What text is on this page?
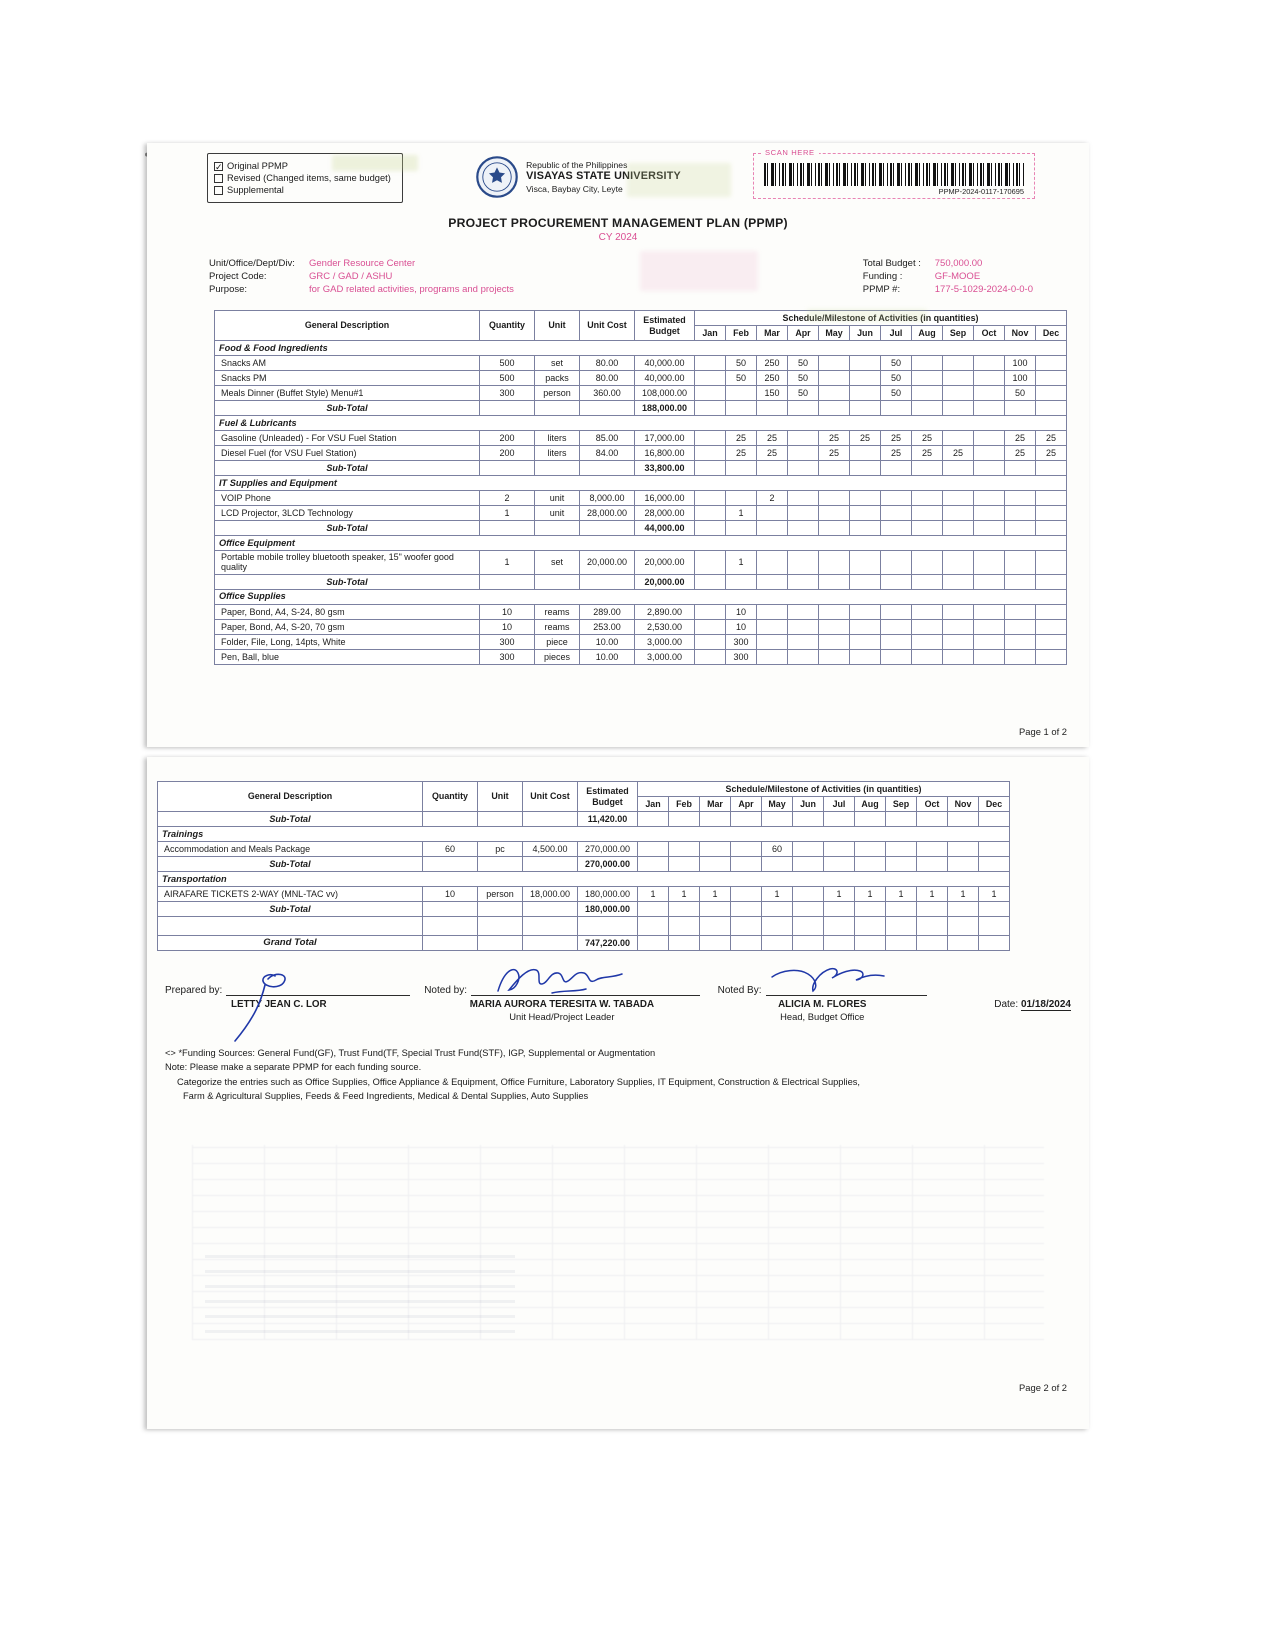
✓ Original PPMP
Revised (Changed items, same budget)
Supplemental
Republic of the Philippines
VISAYAS STATE UNIVERSITY
Visca, Baybay City, Leyte
SCAN HERE
PPMP-2024-0117-170695
PROJECT PROCUREMENT MANAGEMENT PLAN (PPMP)
CY 2024
Unit/Office/Dept/Div: Gender Resource Center
Project Code:	GRC / GAD / ASHU
Purpose:	for GAD related activities, programs and projects
Total Budget : 750,000.00
Funding :	GF-MOOE
PPMP #:	177-5-1029-2024-0-0-0
General Description	Quantity	Unit	Unit Cost	Estimated Budget	Schedule/Milestone of Activities (in quantities)											
					Jan	Feb	Mar	Apr	May	Jun	Jul	Aug	Sep	Oct	Nov	Dec
Food & Food Ingredients																
Snacks AM	500	set	80.00	40,000.00		50	250	50			50				100	
Snacks PM	500	packs	80.00	40,000.00		50	250	50			50				100	
Meals Dinner (Buffet Style) Menu#1	300	person	360.00	108,000.00			150	50			50				50	
Sub-Total				188,000.00												
Fuel & Lubricants																
Gasoline (Unleaded) - For VSU Fuel Station	200	liters	85.00	17,000.00		25	25		25	25	25	25			25	25
Diesel Fuel (for VSU Fuel Station)	200	liters	84.00	16,800.00		25	25		25		25	25	25		25	25
Sub-Total				33,800.00												
IT Supplies and Equipment																
VOIP Phone	2	unit	8,000.00	16,000.00			2									
LCD Projector, 3LCD Technology	1	unit	28,000.00	28,000.00		1										
Sub-Total				44,000.00												
Office Equipment																
Portable mobile trolley bluetooth speaker, 15" woofer good quality	1	set	20,000.00	20,000.00		1										
Sub-Total				20,000.00												
Office Supplies																
Paper, Bond, A4, S-24, 80 gsm	10	reams	289.00	2,890.00		10										
Paper, Bond, A4, S-20, 70 gsm	10	reams	253.00	2,530.00		10										
Folder, File, Long, 14pts, White	300	piece	10.00	3,000.00		300										
Pen, Ball, blue	300	pieces	10.00	3,000.00		300										
Page 1 of 2
General Description	Quantity	Unit	Unit Cost	Estimated Budget	Schedule/Milestone of Activities (in quantities)											
					Jan	Feb	Mar	Apr	May	Jun	Jul	Aug	Sep	Oct	Nov	Dec
Sub-Total				11,420.00												
Trainings																
Accommodation and Meals Package	60	pc	4,500.00	270,000.00					60							
Sub-Total				270,000.00												
Transportation																
AIRAFARE TICKETS 2-WAY (MNL-TAC vv)	10	person	18,000.00	180,000.00	1	1	1		1		1	1	1	1	1	1
Sub-Total				180,000.00												

Grand Total				747,220.00												
Prepared by:
LETTY JEAN C. LOR
Noted by:
MARIA AURORA TERESITA W. TABADA
Unit Head/Project Leader
Noted By:
ALICIA M. FLORES
Head, Budget Office
Date: 01/18/2024
<> *Funding Sources: General Fund(GF), Trust Fund(TF, Special Trust Fund(STF), IGP, Supplemental or Augmentation
Note: Please make a separate PPMP for each funding source.
Categorize the entries such as Office Supplies, Office Appliance & Equipment, Office Furniture, Laboratory Supplies, IT Equipment, Construction & Electrical Supplies,
Farm & Agricultural Supplies, Feeds & Feed Ingredients, Medical & Dental Supplies, Auto Supplies
Page 2 of 2
